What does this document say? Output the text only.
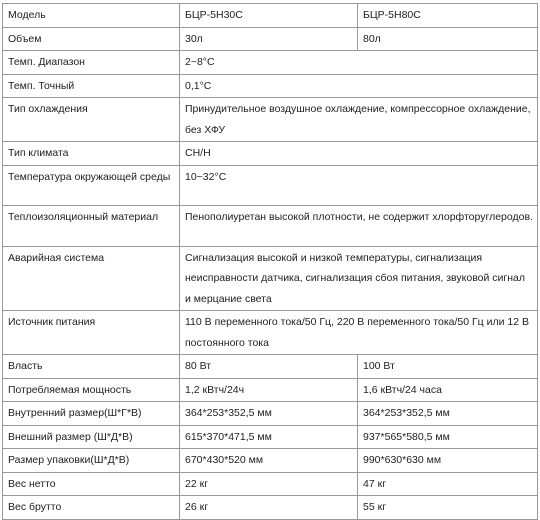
Модель	БЦР-5Н30С	БЦР-5Н80С
Объем	30л	80л
Темп. Диапазон	2~8°C	
Темп. Точный	0,1°C	
Тип охлаждения	Принудительное воздушное охлаждение, компрессорное охлаждение, без ХФУ	
Тип климата	CH/H	
Температура окружающей среды	10~32°C	
Теплоизоляционный материал	Пенополиуретан высокой плотности, не содержит хлорфторуглеродов.	
Аварийная система	Сигнализация высокой и низкой температуры, сигнализация неисправности датчика, сигнализация сбоя питания, звуковой сигнал и мерцание света	
Источник питания	110 В переменного тока/50 Гц, 220 В переменного тока/50 Гц или 12 В постоянного тока	
Власть	80 Вт	100 Вт
Потребляемая мощность	1,2 кВтч/24ч	1,6 кВтч/24 часа
Внутренний размер(Ш*Г*В)	364*253*352,5 мм	364*253*352,5 мм
Внешний размер (Ш*Д*В)	615*370*471,5 мм	937*565*580,5 мм
Размер упаковки(Ш*Д*В)	670*430*520 мм	990*630*630 мм
Вес нетто	22 кг	47 кг
Вес брутто	26 кг	55 кг
